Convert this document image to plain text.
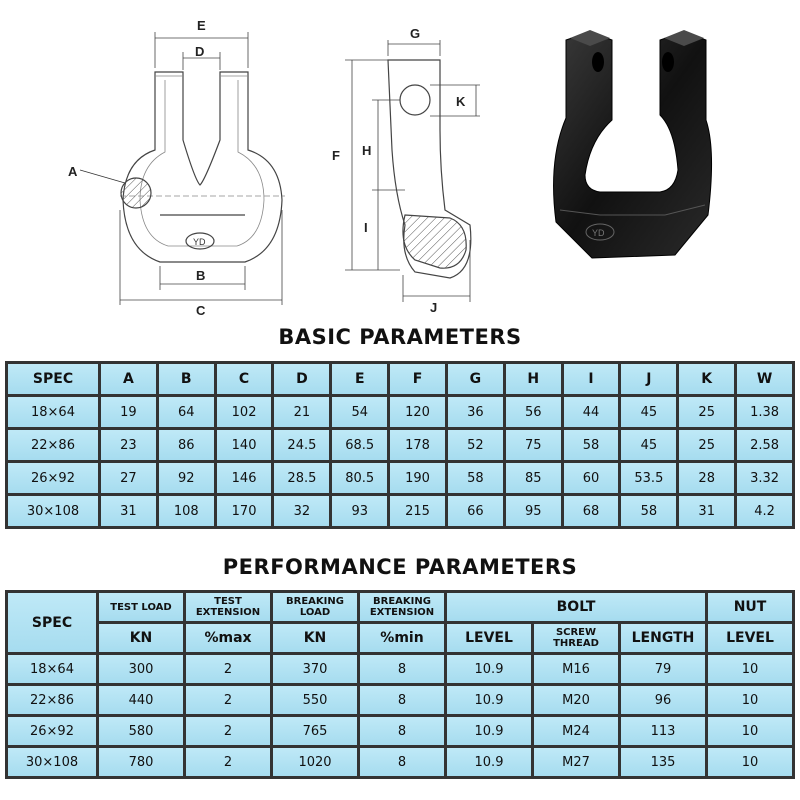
E
D
A
B
C
YD
G
K
F H
I
J
YD
BASIC PARAMETERS
SPEC	A	B	C	D	E	F	G	H	I	J	K	W
18×64	19	64	102	21	54	120	36	56	44	45	25	1.38
22×86	23	86	140	24.5	68.5	178	52	75	58	45	25	2.58
26×92	27	92	146	28.5	80.5	190	58	85	60	53.5	28	3.32
30×108	31	108	170	32	93	215	66	95	68	58	31	4.2
PERFORMANCE PARAMETERS
SPEC	TEST LOAD	TEST EXTENSION	BREAKING LOAD	BREAKING EXTENSION	BOLT			NUT
	KN	%max	KN	%min	LEVEL	SCREW THREAD	LENGTH	LEVEL
18×64	300	2	370	8	10.9	M16	79	10
22×86	440	2	550	8	10.9	M20	96	10
26×92	580	2	765	8	10.9	M24	113	10
30×108	780	2	1020	8	10.9	M27	135	10
